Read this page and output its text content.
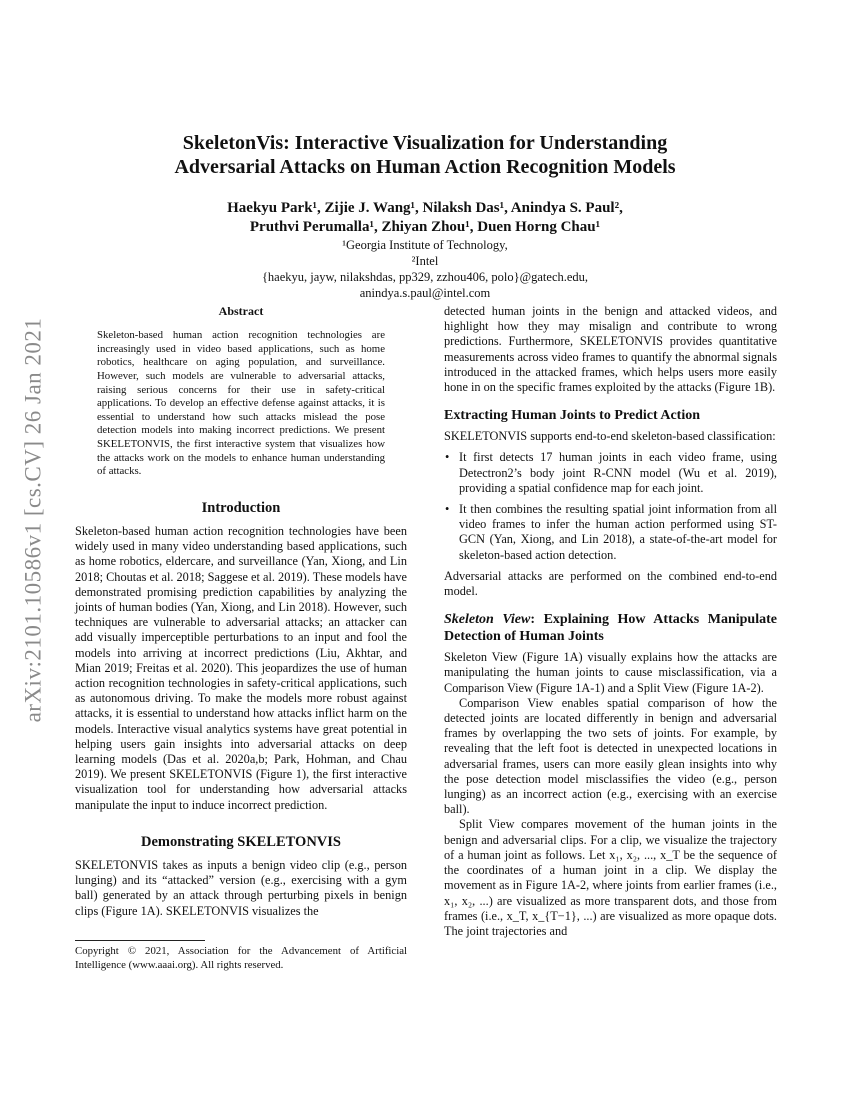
arXiv:2101.10586v1 [cs.CV] 26 Jan 2021
SkeletonVis: Interactive Visualization for Understanding
Adversarial Attacks on Human Action Recognition Models
Haekyu Park¹, Zijie J. Wang¹, Nilaksh Das¹, Anindya S. Paul²,
Pruthvi Perumalla¹, Zhiyan Zhou¹, Duen Horng Chau¹
¹Georgia Institute of Technology,
²Intel
{haekyu, jayw, nilakshdas, pp329, zzhou406, polo}@gatech.edu,
anindya.s.paul@intel.com
Abstract

Skeleton-based human action recognition technologies are increasingly used in video based applications, such as home robotics, healthcare on aging population, and surveillance. However, such models are vulnerable to adversarial attacks, raising serious concerns for their use in safety-critical applications. To develop an effective defense against attacks, it is essential to understand how such attacks mislead the pose detection models into making incorrect predictions. We present SKELETONVIS, the first interactive system that visualizes how the attacks work on the models to enhance human understanding of attacks.

Introduction

Skeleton-based human action recognition technologies have been widely used in many video understanding based applications, such as home robotics, eldercare, and surveillance (Yan, Xiong, and Lin 2018; Choutas et al. 2018; Saggese et al. 2019). These models have demonstrated promising prediction capabilities by analyzing the joints of human bodies (Yan, Xiong, and Lin 2018). However, such techniques are vulnerable to adversarial attacks; an attacker can add visually imperceptible perturbations to an input and fool the models into arriving at incorrect predictions (Liu, Akhtar, and Mian 2019; Freitas et al. 2020). This jeopardizes the use of human action recognition technologies in safety-critical applications, such as autonomous driving. To make the models more robust against attacks, it is essential to understand how attacks inflict harm on the models. Interactive visual analytics systems have great potential in helping users gain insights into adversarial attacks on deep learning models (Das et al. 2020a,b; Park, Hohman, and Chau 2019). We present SKELETONVIS (Figure 1), the first interactive visualization tool for understanding how adversarial attacks manipulate the input to induce incorrect prediction.

Demonstrating SKELETONVIS

SKELETONVIS takes as inputs a benign video clip (e.g., person lunging) and its “attacked” version (e.g., exercising with a gym ball) generated by an attack through perturbing pixels in benign clips (Figure 1A). SKELETONVIS visualizes the

Copyright © 2021, Association for the Advancement of Artificial Intelligence (www.aaai.org). All rights reserved.

detected human joints in the benign and attacked videos, and highlight how they may misalign and contribute to wrong predictions. Furthermore, SKELETONVIS provides quantitative measurements across video frames to quantify the abnormal signals introduced in the attacked frames, which helps users more easily hone in on the specific frames exploited by the attacks (Figure 1B).

Extracting Human Joints to Predict Action

SKELETONVIS supports end-to-end skeleton-based classification:

• It first detects 17 human joints in each video frame, using Detectron2’s body joint R-CNN model (Wu et al. 2019), providing a spatial confidence map for each joint.
• It then combines the resulting spatial joint information from all video frames to infer the human action performed using ST-GCN (Yan, Xiong, and Lin 2018), a state-of-the-art model for skeleton-based action detection.

Adversarial attacks are performed on the combined end-to-end model.

Skeleton View: Explaining How Attacks Manipulate Detection of Human Joints

Skeleton View (Figure 1A) visually explains how the attacks are manipulating the human joints to cause misclassification, via a Comparison View (Figure 1A-1) and a Split View (Figure 1A-2).

Comparison View enables spatial comparison of how the detected joints are located differently in benign and adversarial frames by overlapping the two sets of joints. For example, by revealing that the left foot is detected in unexpected locations in adversarial frames, users can more easily glean insights into why the pose detection model misclassifies the video (e.g., person lunging) as an incorrect action (e.g., exercising with an exercise ball).

Split View compares movement of the human joints in the benign and adversarial clips. For a clip, we visualize the trajectory of a human joint as follows. Let x₁, x₂, ..., x_T be the sequence of the coordinates of a human joint in a clip. We display the movement as in Figure 1A-2, where joints from earlier frames (i.e., x₁, x₂, ...) are visualized as more transparent dots, and those from frames (i.e., x_T, x_{T−1}, ...) are visualized as more opaque dots. The joint trajectories and
